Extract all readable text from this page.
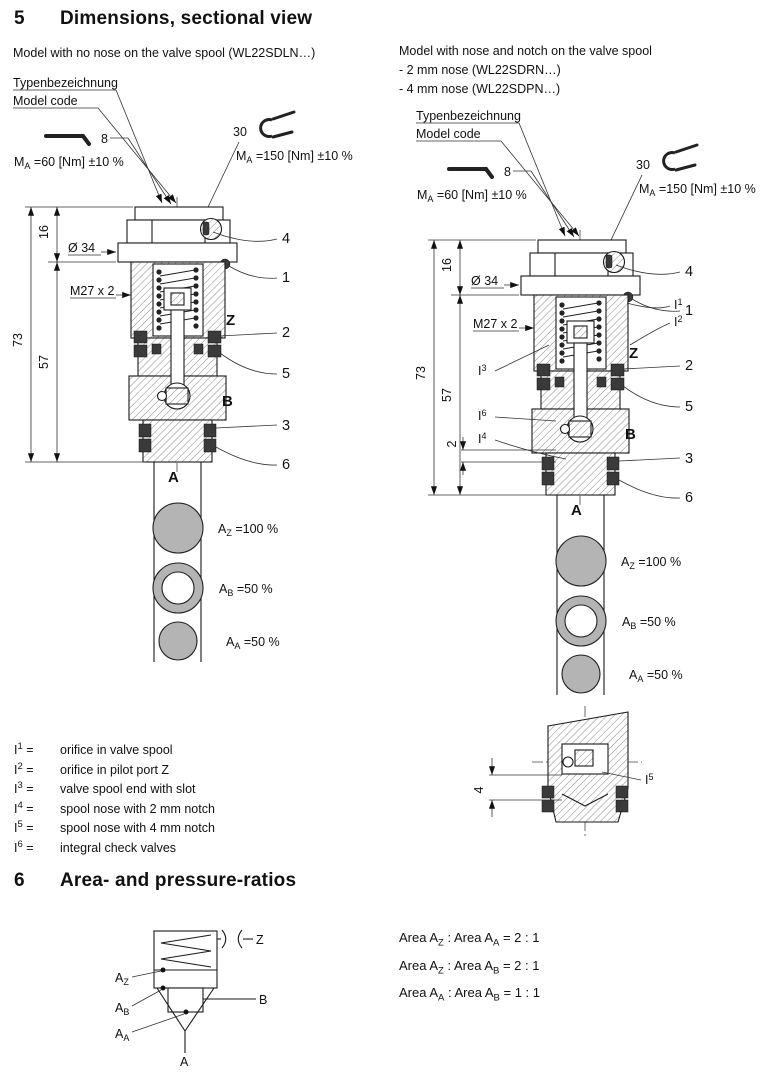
5 Dimensions, sectional view
Model with no nose on the valve spool (WL22SDLN…)	Model with nose and notch on the valve spool
- 2 mm nose (WL22SDRN…)
- 4 mm nose (WL22SDPN…)
Typenbezeichnung
Model code
8
$M_A =60$ [Nm] ±10 %
30
$M_A =150$ [Nm] ±10 %
$A_Z =100$ %
$A_B =50$ %
$A_A =50$ %
Z
B
A
4
1
2
5
3
6
73
16
57
Ø 34
M27 x 2
$I^1$
$I^2$
$I^3$
$I^6$
$I^4$
2
4
$I^5$
Z
B
A
$A_Z$
$A_B$
$A_A$
$I^1$ = orifice in valve spool
$I^2$ = orifice in pilot port Z
$I^3$ = valve spool end with slot
$I^4$ = spool nose with 2 mm notch
$I^5$ = spool nose with 4 mm notch
$I^6$ = integral check valves
6 Area- and pressure-ratios
Area $A_Z$ : Area $A_A = 2$ : 1
Area $A_Z$ : Area $A_B = 2$ : 1
Area $A_A$ : Area $A_B = 1$ : 1
